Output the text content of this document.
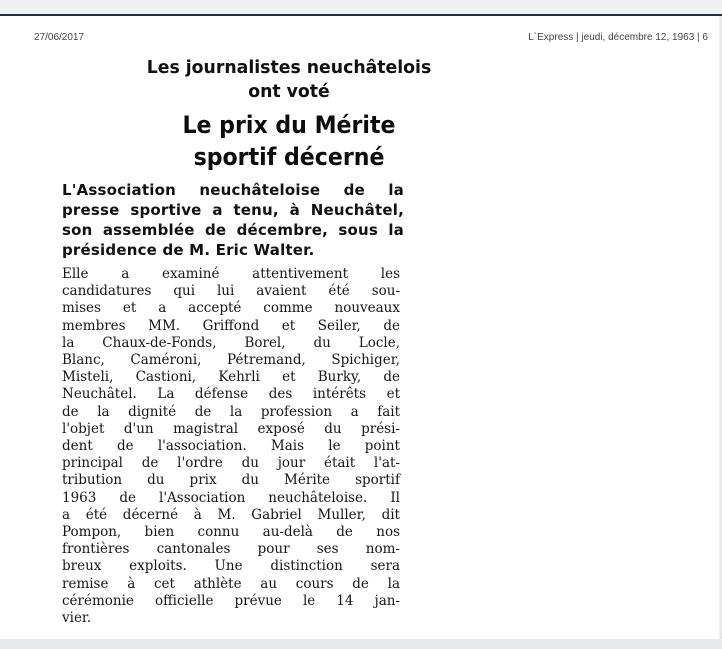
27/06/2017	L`Express | jeudi, décembre 12, 1963 | 6
Les journalistes neuchâtelois
ont voté
Le prix du Mérite
sportif décerné
L'Association neuchâteloise de la
presse sportive a tenu, à Neuchâtel,
son assemblée de décembre, sous la
présidence de M. Eric Walter.
Elle a examiné attentivement les
candidatures qui lui avaient été sou-
mises et a accepté comme nouveaux
membres MM. Griffond et Seiler, de
la Chaux-de-Fonds, Borel, du Locle,
Blanc, Caméroni, Pétremand, Spichiger,
Misteli, Castioni, Kehrli et Burky, de
Neuchâtel. La défense des intérêts et
de la dignité de la profession a fait
l'objet d'un magistral exposé du prési-
dent de l'association. Mais le point
principal de l'ordre du jour était l'at-
tribution du prix du Mérite sportif
1963 de l'Association neuchâteloise. Il
a été décerné à M. Gabriel Muller, dit
Pompon, bien connu au-delà de nos
frontières cantonales pour ses nom-
breux exploits. Une distinction sera
remise à cet athlète au cours de la
cérémonie officielle prévue le 14 jan-
vier.
